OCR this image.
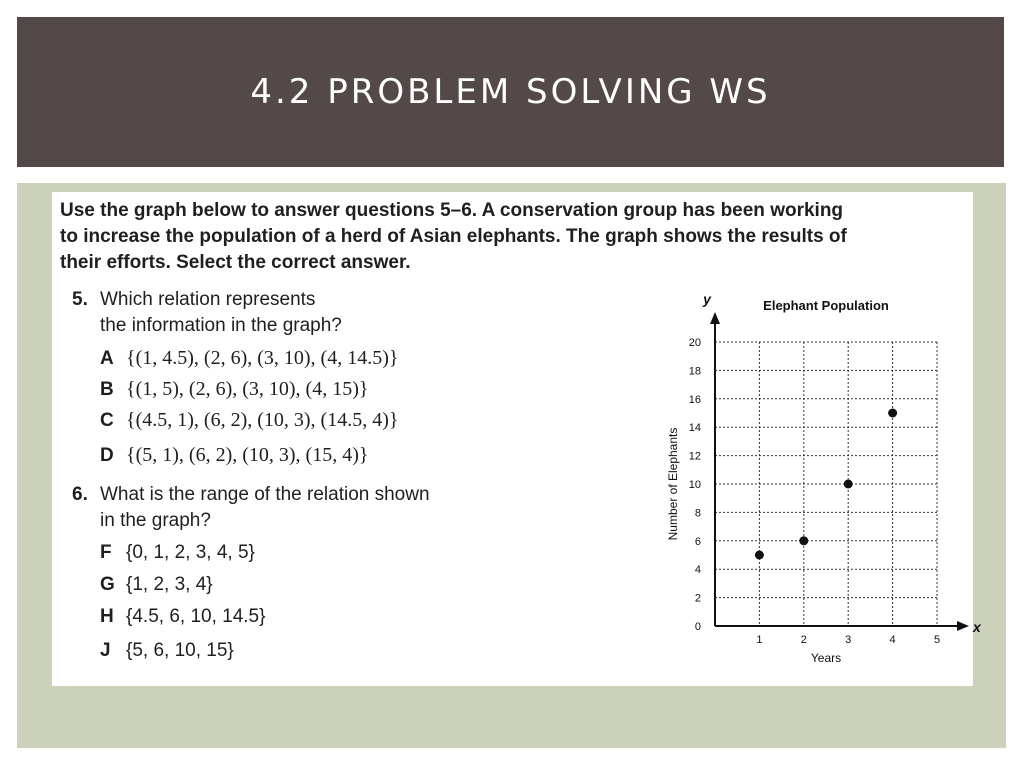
4.2 PROBLEM SOLVING WS
Use the graph below to answer questions 5–6. A conservation group has been working
to increase the population of a herd of Asian elephants. The graph shows the results of
their efforts. Select the correct answer.
5. Which relation represents
the information in the graph?
A {(1, 4.5), (2, 6), (3, 10), (4, 14.5)}
B {(1, 5), (2, 6), (3, 10), (4, 15)}
C {(4.5, 1), (6, 2), (10, 3), (14.5, 4)}
D {(5, 1), (6, 2), (10, 3), (15, 4)}
6. What is the range of the relation shown
in the graph?
F {0, 1, 2, 3, 4, 5}
G {1, 2, 3, 4}
H {4.5, 6, 10, 14.5}
J {5, 6, 10, 15}
x
y	Elephant Population
0
2
4
6
8
10
12
14
16
18
20
1	2	3	4	5
Years
Number of Elephants
